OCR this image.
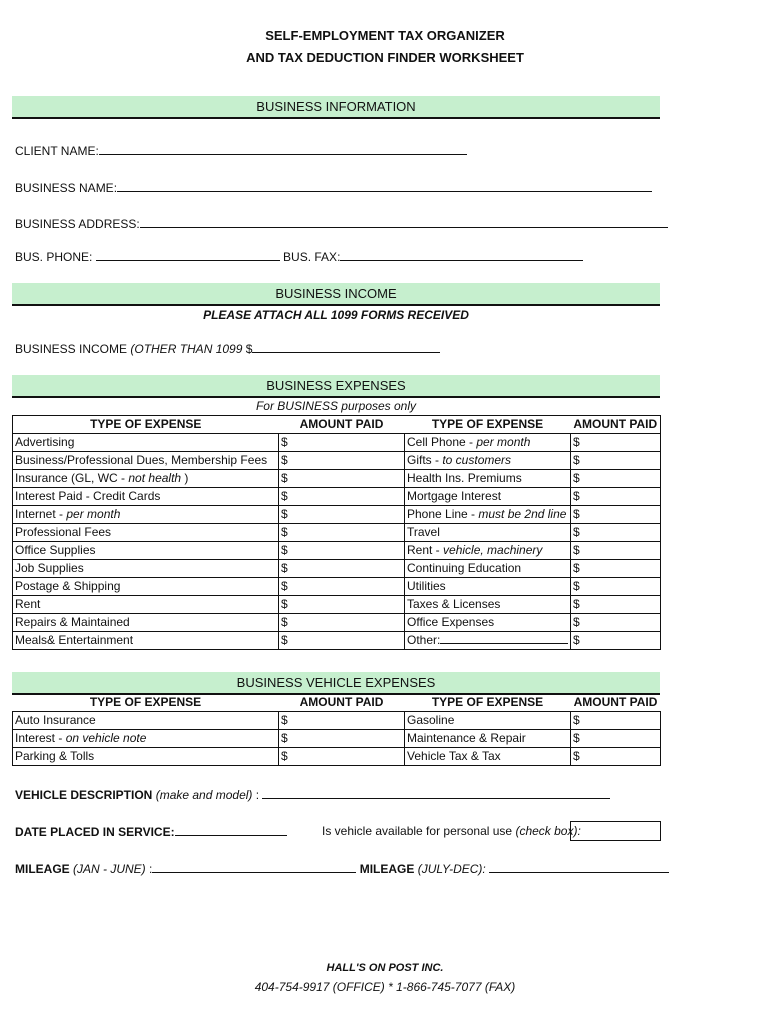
SELF-EMPLOYMENT TAX ORGANIZER
AND TAX DEDUCTION FINDER WORKSHEET
BUSINESS INFORMATION
CLIENT NAME:
BUSINESS NAME:
BUSINESS ADDRESS:
BUS. PHONE:	BUS. FAX:
BUSINESS INCOME
PLEASE ATTACH ALL 1099 FORMS RECEIVED
BUSINESS INCOME (OTHER THAN 1099 $
BUSINESS EXPENSES
For BUSINESS purposes only
TYPE OF EXPENSE	AMOUNT PAID	TYPE OF EXPENSE	AMOUNT PAID
Advertising	$	Cell Phone - per month	$
Business/Professional Dues, Membership Fees	$	Gifts - to customers	$
Insurance (GL, WC - not health )	$	Health Ins. Premiums	$
Interest Paid - Credit Cards	$	Mortgage Interest	$
Internet - per month	$	Phone Line - must be 2nd line	$
Professional Fees	$	Travel	$
Office Supplies	$	Rent - vehicle, machinery	$
Job Supplies	$	Continuing Education	$
Postage & Shipping	$	Utilities	$
Rent	$	Taxes & Licenses	$
Repairs & Maintained	$	Office Expenses	$
Meals& Entertainment	$	Other:	$
BUSINESS VEHICLE EXPENSES
TYPE OF EXPENSE	AMOUNT PAID	TYPE OF EXPENSE	AMOUNT PAID
Auto Insurance	$	Gasoline	$
Interest - on vehicle note	$	Maintenance & Repair	$
Parking & Tolls	$	Vehicle Tax & Tax	$
VEHICLE DESCRIPTION (make and model) :
DATE PLACED IN SERVICE:	Is vehicle available for personal use (check box):
MILEAGE (JAN - JUNE) :	MILEAGE (JULY-DEC):
HALL'S ON POST INC.
404-754-9917 (OFFICE) * 1-866-745-7077 (FAX)
